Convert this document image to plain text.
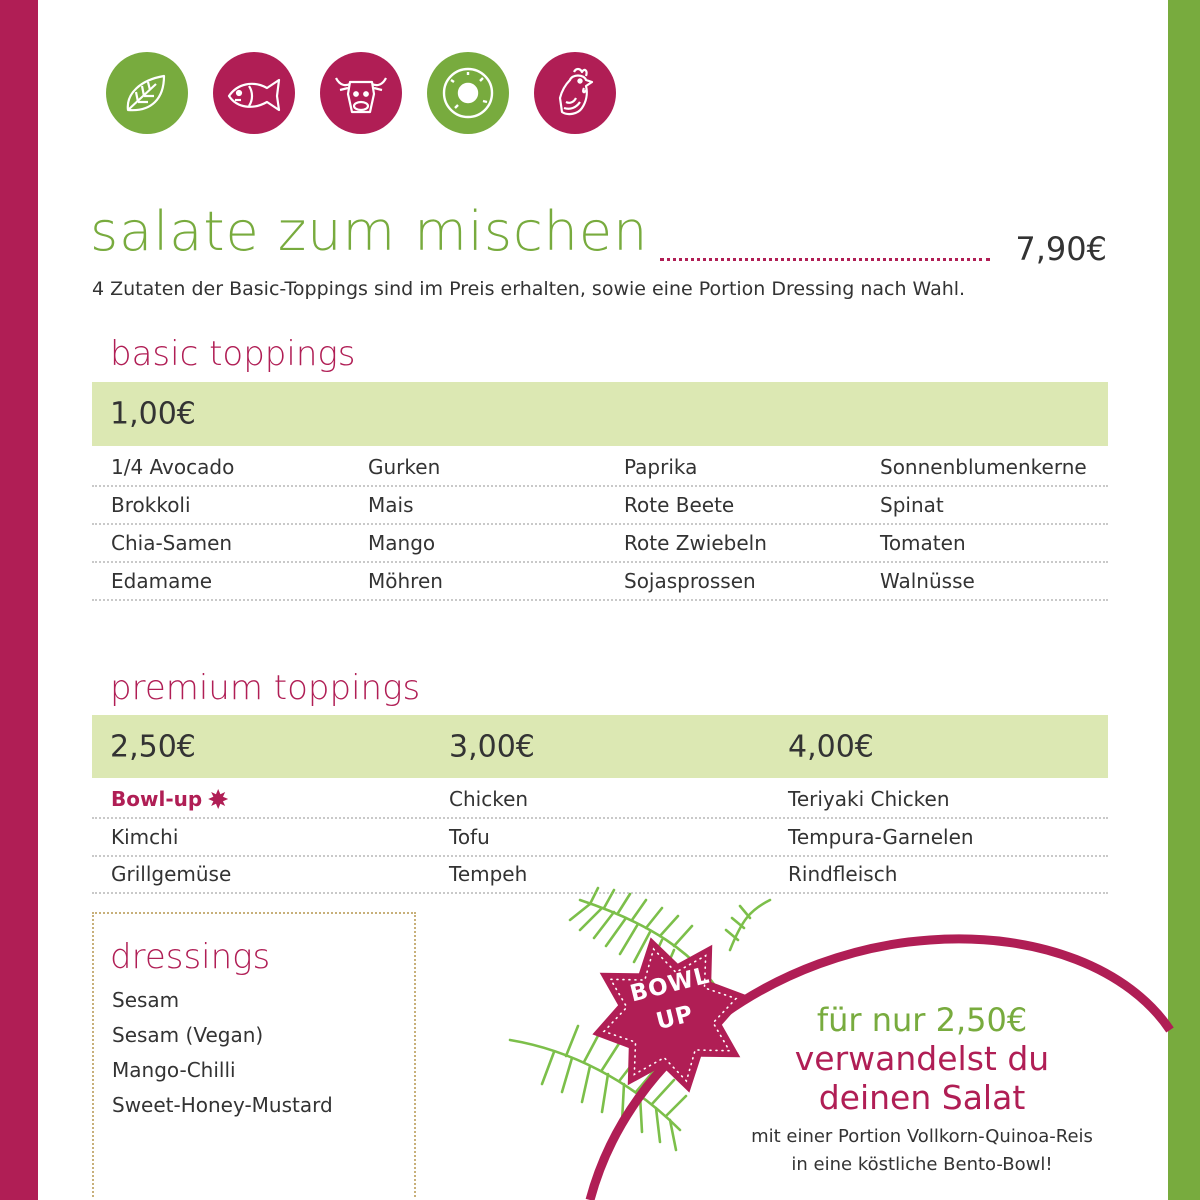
salate zum mischen	7,90€
4 Zutaten der Basic-Toppings sind im Preis erhalten, sowie eine Portion Dressing nach Wahl.
basic toppings
1,00€
1/4 Avocado	Gurken	Paprika	Sonnenblumenkerne
Brokkoli	Mais	Rote Beete	Spinat
Chia-Samen	Mango	Rote Zwiebeln	Tomaten
Edamame	Möhren	Sojasprossen	Walnüsse
premium toppings
2,50€	3,00€	4,00€
Bowl-up	Chicken	Teriyaki Chicken
Kimchi	Tofu	Tempura-Garnelen
Grillgemüse	Tempeh	Rindfleisch
dressings
Sesam
Sesam (Vegan)
Mango-Chilli
Sweet-Honey-Mustard
BOWL
UP	für nur 2,50€
verwandelst du
deinen Salat
mit einer Portion Vollkorn-Quinoa-Reis
in eine köstliche Bento-Bowl!
